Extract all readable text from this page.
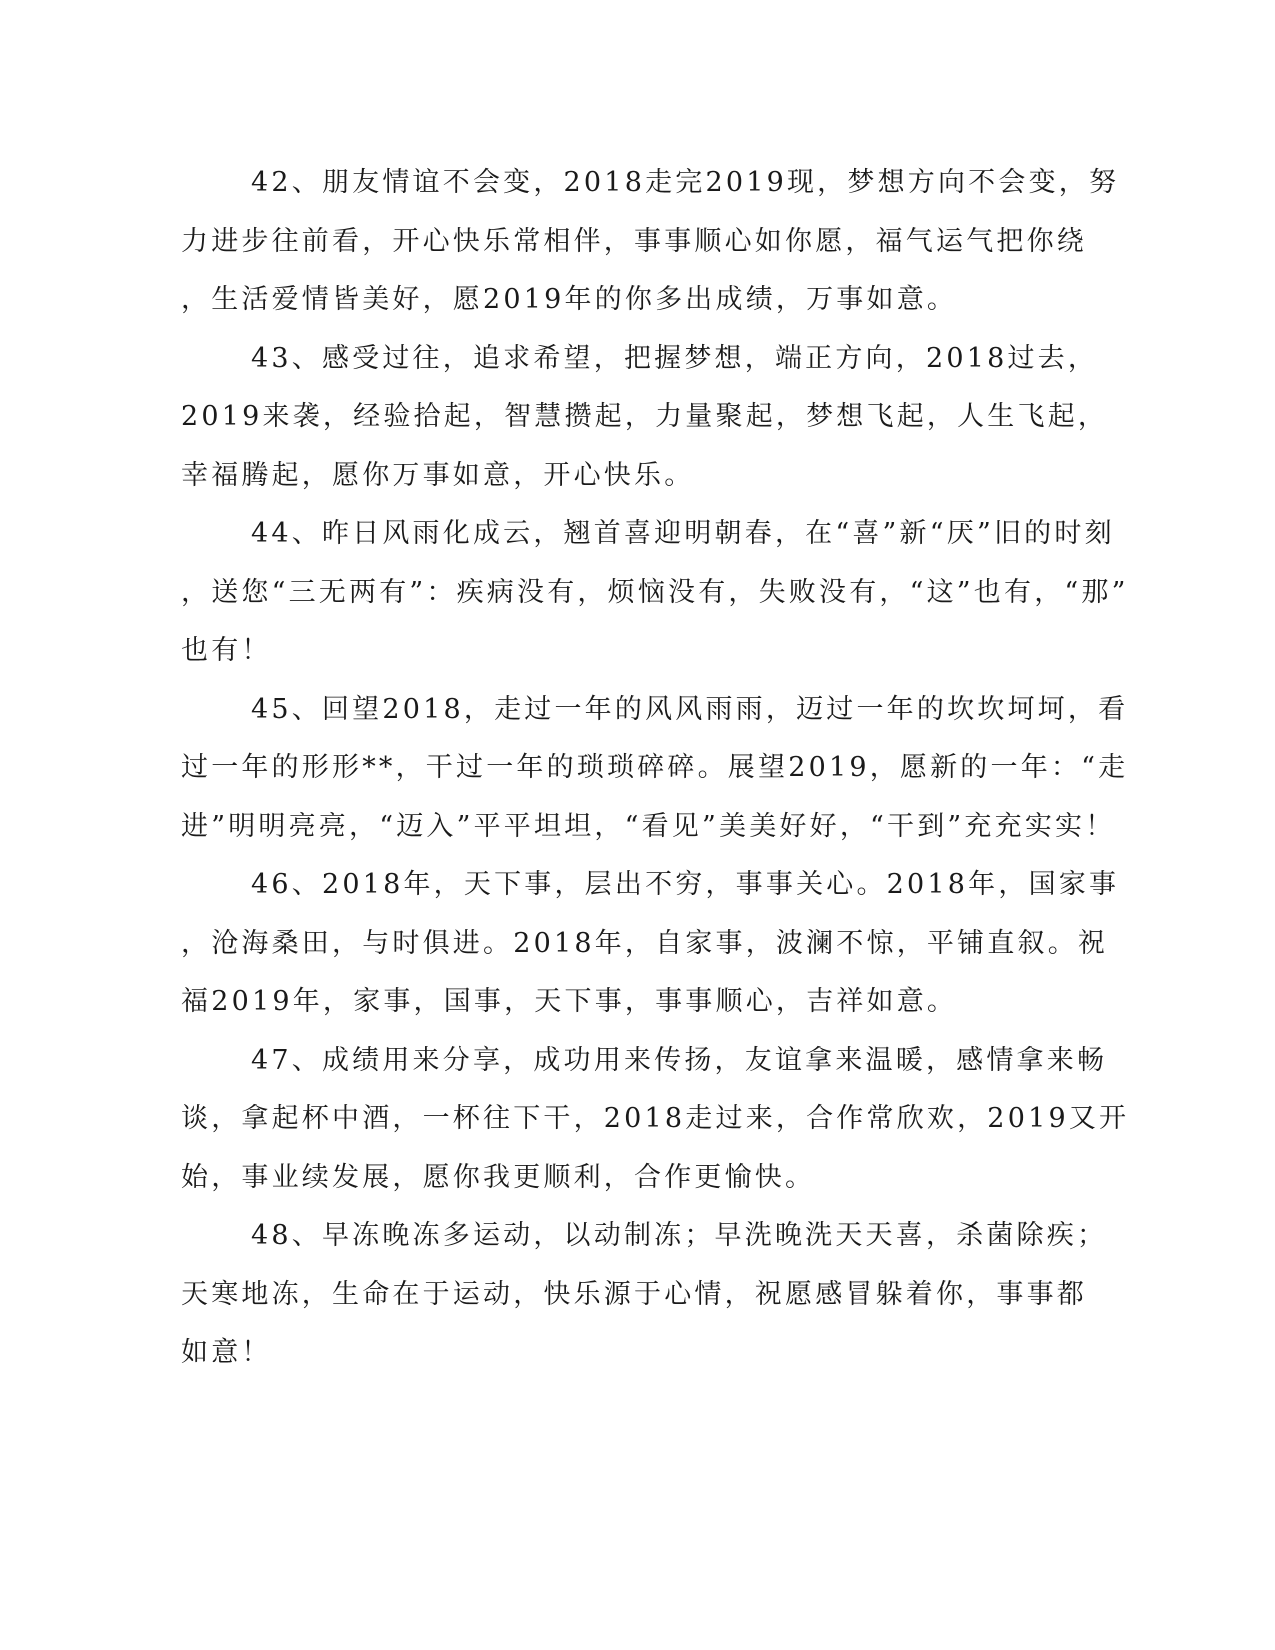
42、朋友情谊不会变，2018走完2019现，梦想方向不会变，努
力进步往前看，开心快乐常相伴，事事顺心如你愿，福气运气把你绕
，生活爱情皆美好，愿2019年的你多出成绩，万事如意。
43、感受过往，追求希望，把握梦想，端正方向，2018过去，
2019来袭，经验拾起，智慧攒起，力量聚起，梦想飞起，人生飞起，
幸福腾起，愿你万事如意，开心快乐。
44、昨日风雨化成云，翘首喜迎明朝春，在“喜”新“厌”旧的时刻
，送您“三无两有”：疾病没有，烦恼没有，失败没有，“这”也有，“那”
也有！
45、回望2018，走过一年的风风雨雨，迈过一年的坎坎坷坷，看
过一年的形形**，干过一年的琐琐碎碎。展望2019，愿新的一年：“走
进”明明亮亮，“迈入”平平坦坦，“看见”美美好好，“干到”充充实实！
46、2018年，天下事，层出不穷，事事关心。2018年，国家事
，沧海桑田，与时俱进。2018年，自家事，波澜不惊，平铺直叙。祝
福2019年，家事，国事，天下事，事事顺心，吉祥如意。
47、成绩用来分享，成功用来传扬，友谊拿来温暖，感情拿来畅
谈，拿起杯中酒，一杯往下干，2018走过来，合作常欣欢，2019又开
始，事业续发展，愿你我更顺利，合作更愉快。
48、早冻晚冻多运动，以动制冻；早洗晚洗天天喜，杀菌除疾；
天寒地冻，生命在于运动，快乐源于心情，祝愿感冒躲着你，事事都
如意！
